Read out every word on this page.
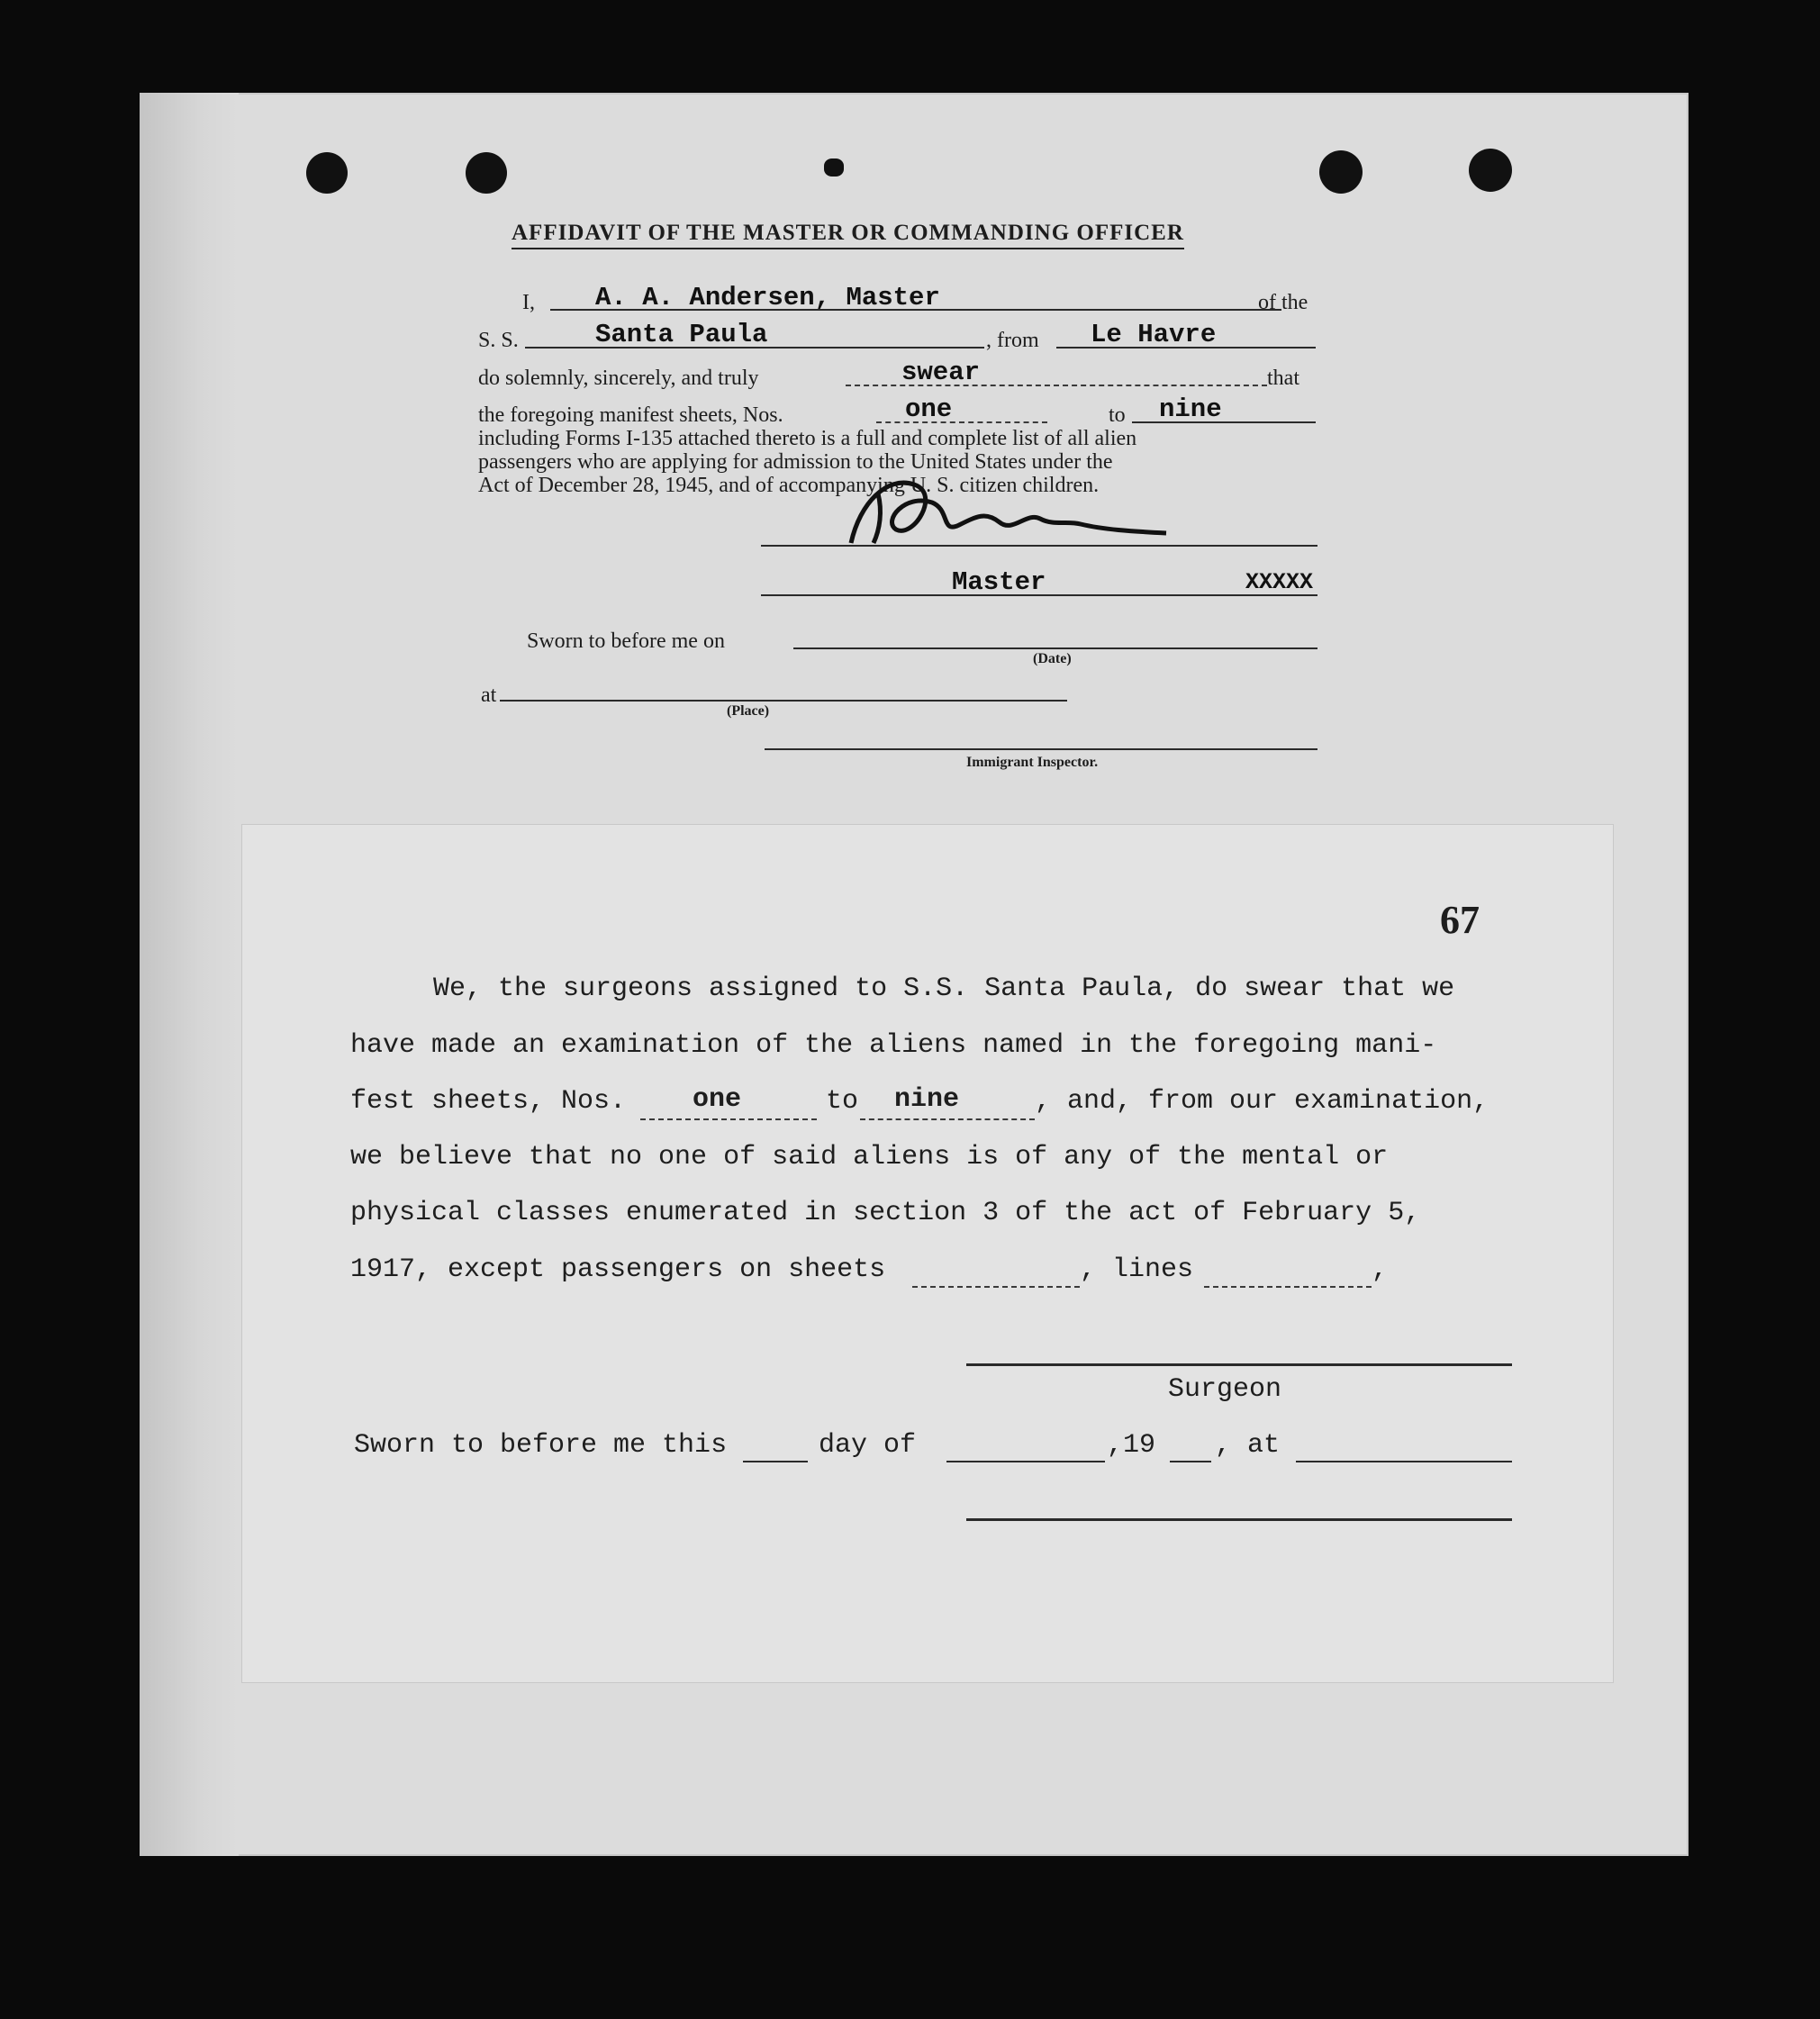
AFFIDAVIT OF THE MASTER OR COMMANDING OFFICER
I, A. A. Andersen, Master	of the
S. S.	Santa Paula	, from Le Havre
do solemnly, sincerely, and truly	swear	that
the foregoing manifest sheets, Nos.	one	to nine
including Forms I-135 attached thereto is a full and complete list of all alien
passengers who are applying for admission to the United States under the
Act of December 28, 1945, and of accompanying U. S. citizen children.
Master	XXXXX
Sworn to before me on
(Date)
at
(Place)
Immigrant Inspector.
67
We, the surgeons assigned to S.S. Santa Paula, do swear that we
have made an examination of the aliens named in the foregoing mani-
fest sheets, Nos. one	to nine	, and, from our examination,
we believe that no one of said aliens is of any of the mental or
physical classes enumerated in section 3 of the act of February 5,
1917, except passengers on sheets	, lines	,
Surgeon
Sworn to before me this	day of	,19 , at
